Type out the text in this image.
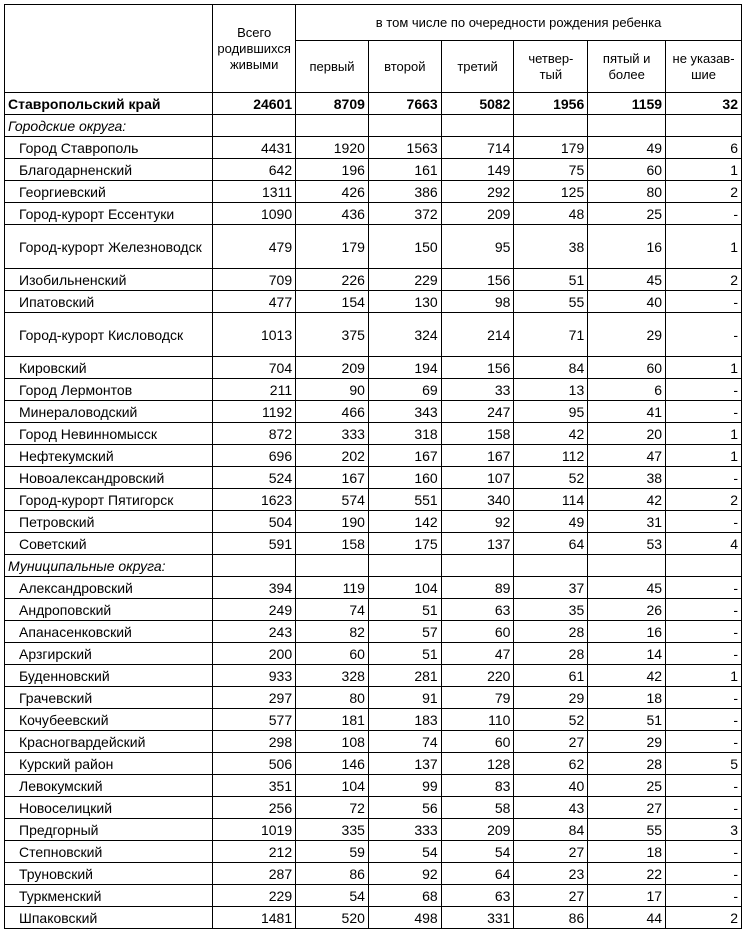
	Всего родившихся живыми	в том числе по очередности рождения ребенка					
		первый	второй	третий	четвер-тый	пятый и более	не указав-шие
Ставропольский край	24601	8709	7663	5082	1956	1159	32
Городские округа:							
Город Ставрополь	4431	1920	1563	714	179	49	6
Благодарненский	642	196	161	149	75	60	1
Георгиевский	1311	426	386	292	125	80	2
Город-курорт Ессентуки	1090	436	372	209	48	25	-
Город-курорт Железноводск	479	179	150	95	38	16	1
Изобильненский	709	226	229	156	51	45	2
Ипатовский	477	154	130	98	55	40	-
Город-курорт Кисловодск	1013	375	324	214	71	29	-
Кировский	704	209	194	156	84	60	1
Город Лермонтов	211	90	69	33	13	6	-
Минераловодский	1192	466	343	247	95	41	-
Город Невинномысск	872	333	318	158	42	20	1
Нефтекумский	696	202	167	167	112	47	1
Новоалександровский	524	167	160	107	52	38	-
Город-курорт Пятигорск	1623	574	551	340	114	42	2
Петровский	504	190	142	92	49	31	-
Советский	591	158	175	137	64	53	4
Муниципальные округа:							
Александровский	394	119	104	89	37	45	-
Андроповский	249	74	51	63	35	26	-
Апанасенковский	243	82	57	60	28	16	-
Арзгирский	200	60	51	47	28	14	-
Буденновский	933	328	281	220	61	42	1
Грачевский	297	80	91	79	29	18	-
Кочубеевский	577	181	183	110	52	51	-
Красногвардейский	298	108	74	60	27	29	-
Курский район	506	146	137	128	62	28	5
Левокумский	351	104	99	83	40	25	-
Новоселицкий	256	72	56	58	43	27	-
Предгорный	1019	335	333	209	84	55	3
Степновский	212	59	54	54	27	18	-
Труновский	287	86	92	64	23	22	-
Туркменский	229	54	68	63	27	17	-
Шпаковский	1481	520	498	331	86	44	2
